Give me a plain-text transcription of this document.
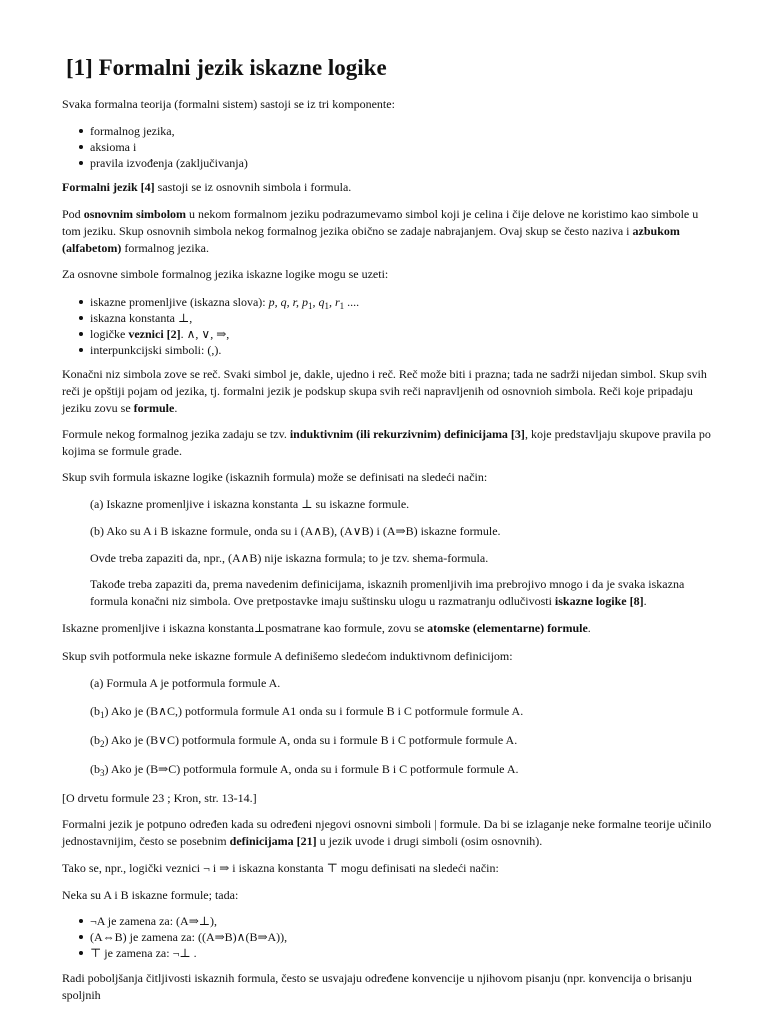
[1] Formalni jezik iskazne logike

Svaka formalna teorija (formalni sistem) sastoji se iz tri komponente:

formalnog jezika,
aksioma i
pravila izvođenja (zaključivanja)

Formalni jezik [4] sastoji se iz osnovnih simbola i formula.

Pod osnovnim simbolom u nekom formalnom jeziku podrazumevamo simbol koji je celina i čije delove ne koristimo kao simbole u tom jeziku. Skup osnovnih simbola nekog formalnog jezika obično se zadaje nabrajanjem. Ovaj skup se često naziva i azbukom (alfabetom) formalnog jezika.

Za osnovne simbole formalnog jezika iskazne logike mogu se uzeti:

iskazne promenljive (iskazna slova): p, q, r, $p_1$, $q_1$, $r_1$ ....
iskazna konstanta ⊥,
logičke veznici [2]. ∧, ∨, ⇒,
interpunkcijski simboli: (,).

Konačni niz simbola zove se reč. Svaki simbol je, dakle, ujedno i reč. Reč može biti i prazna; tada ne sadrži nijedan simbol. Skup svih reči je opštiji pojam od jezika, tj. formalni jezik je podskup skupa svih reči napravljenih od osnovnioh simbola. Reči koje pripadaju jeziku zovu se formule.

Formule nekog formalnog jezika zadaju se tzv. induktivnim (ili rekurzivnim) definicijama [3], koje predstavljaju skupove pravila po kojima se formule grade.

Skup svih formula iskazne logike (iskaznih formula) može se definisati na sledeći način:

(a) Iskazne promenljive i iskazna konstanta ⊥ su iskazne formule.

(b) Ako su A i B iskazne formule, onda su i (A∧B), (A∨B) i (A⇒B) iskazne formule.

Ovde treba zapaziti da, npr., (A∧B) nije iskazna formula; to je tzv. shema-formula.

Takođe treba zapaziti da, prema navedenim definicijama, iskaznih promenljivih ima prebrojivo mnogo i da je svaka iskazna formula konačni niz simbola. Ove pretpostavke imaju suštinsku ulogu u razmatranju odlučivosti iskazne logike [8].

Iskazne promenljive i iskazna konstanta⊥posmatrane kao formule, zovu se atomske (elementarne) formule.

Skup svih potformula neke iskazne formule A definišemo sledećom induktivnom definicijom:

(a) Formula A je potformula formule A.

$(b_1)$ Ako je (B∧C,) potformula formule A1 onda su i formule B i C potformule formule A.

$(b_2)$ Ako je (B∨C) potformula formule A, onda su i formule B i C potformule formule A.

$(b_3)$ Ako je (B⇒C) potformula formule A, onda su i formule B i C potformule formule A.

[O drvetu formule 23 ; Kron, str. 13-14.]

Formalni jezik je potpuno određen kada su određeni njegovi osnovni simboli | formule. Da bi se izlaganje neke formalne teorije učinilo jednostavnijim, često se posebnim definicijama [21] u jezik uvode i drugi simboli (osim osnovnih).

Tako se, npr., logički veznici ¬ i ⇒ i iskazna konstanta ⊤ mogu definisati na sledeći način:

Neka su A i B iskazne formule; tada:

¬A je zamena za: (A⇒⊥),
(A⇔B) je zamena za: ((A⇒B)∧(B⇒A)),
⊤ je zamena za: ¬⊥ .

Radi poboljšanja čitljivosti iskaznih formula, često se usvajaju određene konvencije u njihovom pisanju (npr. konvencija o brisanju spoljnih
